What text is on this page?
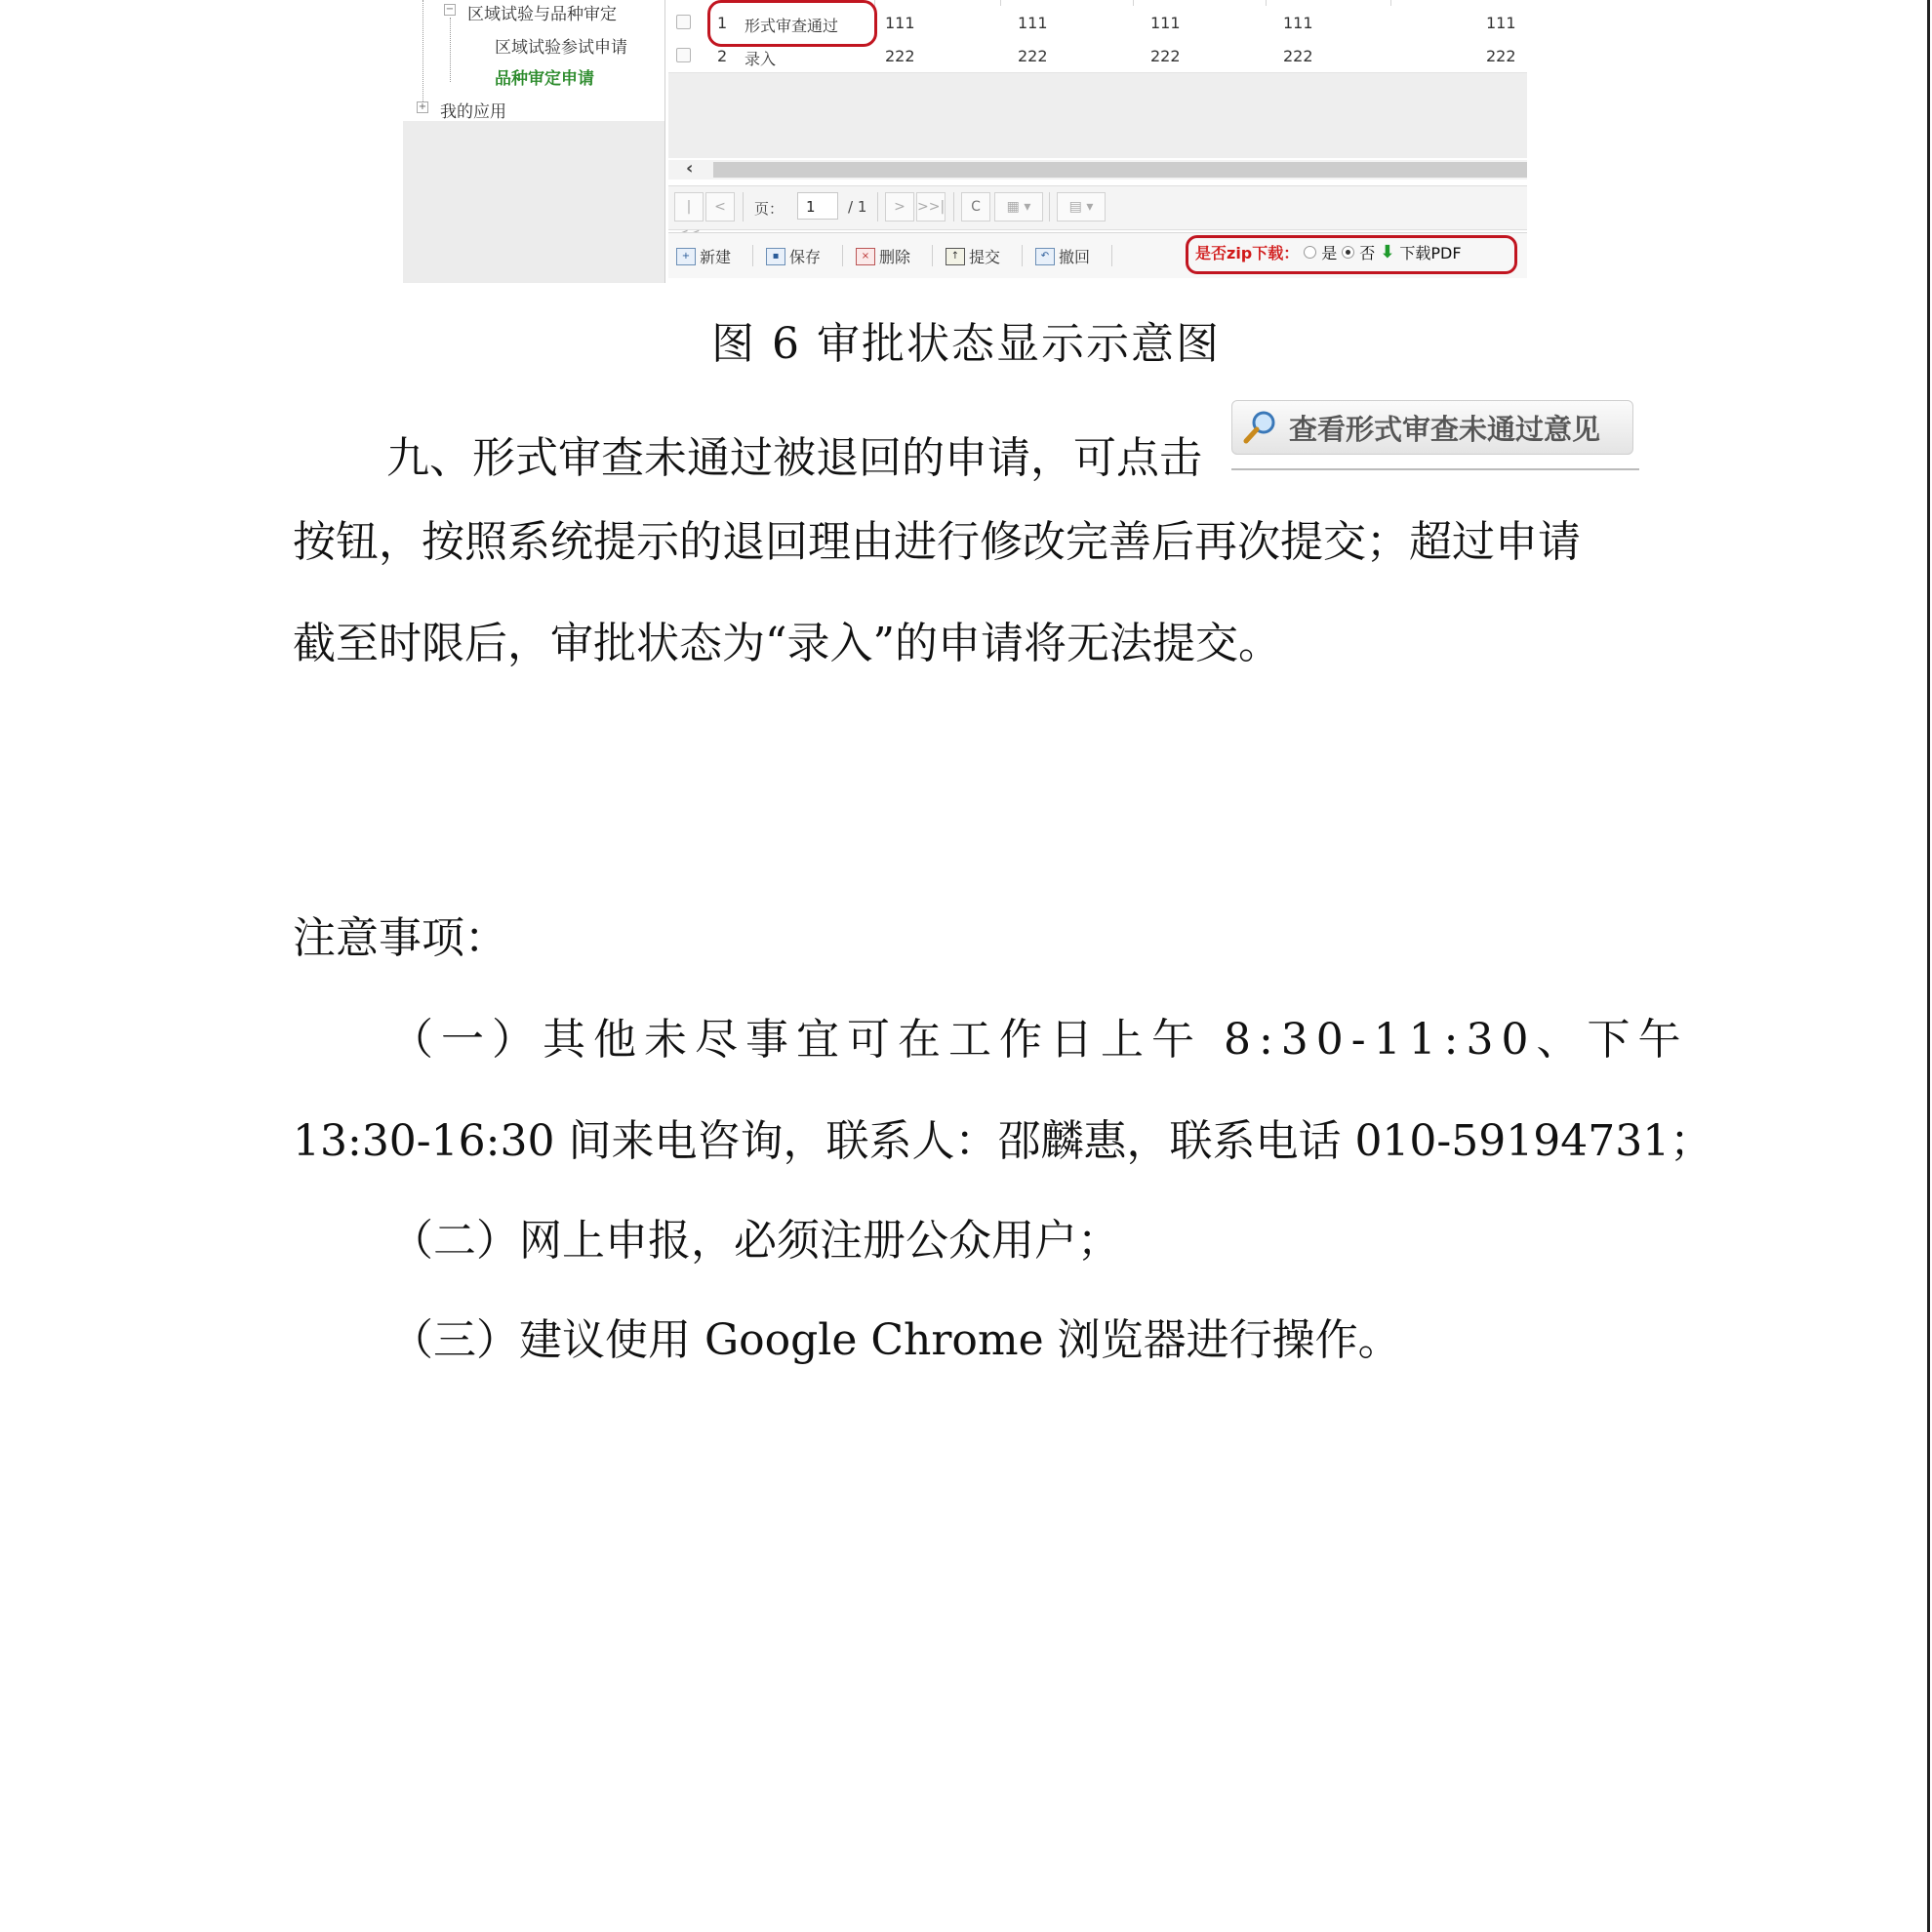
− 区域试验与品种审定
区域试验参试申请
品种审定申请
+ 我的应用
1 形式审查通过	111	111	111	111	111
2 录入	222	222	222	222	222
‹
|	<	页：	1	/ 1	> >>|	C	▦ ▾	▤ ▾
+ 新建	▪ 保存	× 删除	↑ 提交	↶ 撤回	是否zip下载： 是 否 ⬇ 下载PDF
图 6 审批状态显示示意图
九、形式审查未通过被退回的申请，可点击
查看形式审查未通过意见
按钮，按照系统提示的退回理由进行修改完善后再次提交；超过申请
截至时限后，审批状态为“录入”的申请将无法提交。
注意事项：
（一）其他未尽事宜可在工作日上午 8:30-11:30、下午
13:30-16:30 间来电咨询，联系人：邵麟惠，联系电话 010-59194731；
（二）网上申报，必须注册公众用户；
（三）建议使用 Google Chrome 浏览器进行操作。
